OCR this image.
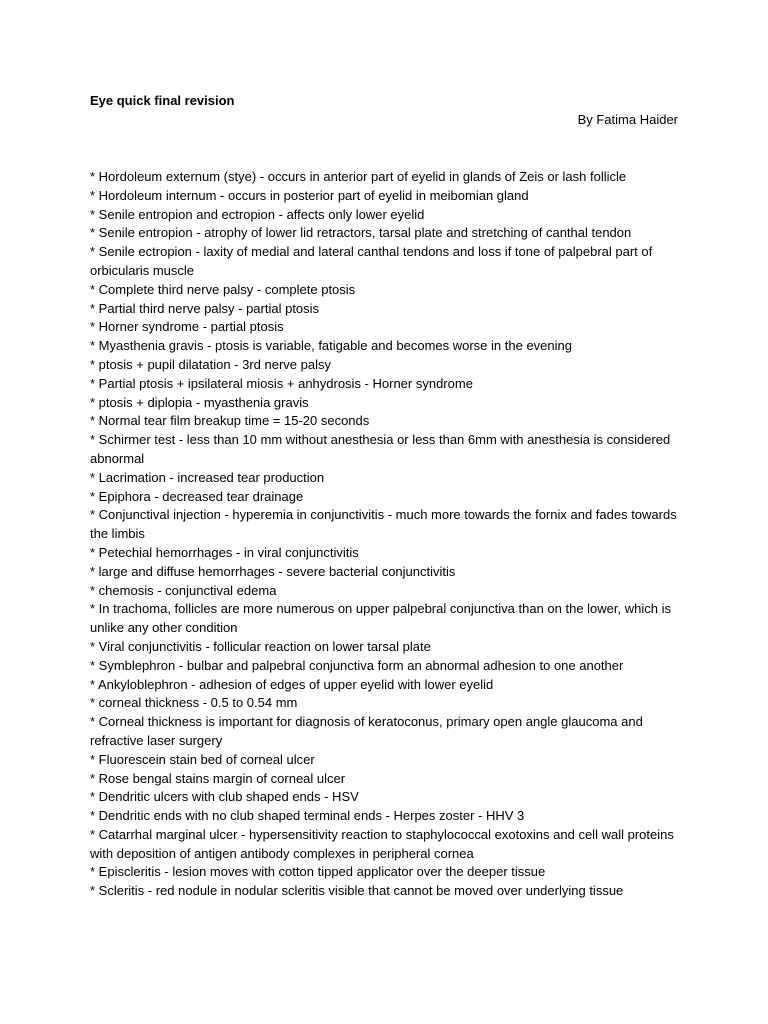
Eye quick final revision
By Fatima Haider
* Hordoleum externum (stye) - occurs in anterior part of eyelid in glands of Zeis or lash follicle
* Hordoleum internum - occurs in posterior part of eyelid in meibomian gland
* Senile entropion and ectropion - affects only lower eyelid
* Senile entropion - atrophy of lower lid retractors, tarsal plate and stretching of canthal tendon
* Senile ectropion - laxity of medial and lateral canthal tendons and loss if tone of palpebral part of orbicularis muscle
* Complete third nerve palsy - complete ptosis
* Partial third nerve palsy - partial ptosis
* Horner syndrome - partial ptosis
* Myasthenia gravis - ptosis is variable, fatigable and becomes worse in the evening
* ptosis + pupil dilatation - 3rd nerve palsy
* Partial ptosis + ipsilateral miosis + anhydrosis - Horner syndrome
* ptosis + diplopia - myasthenia gravis
* Normal tear film breakup time = 15-20 seconds
* Schirmer test - less than 10 mm without anesthesia or less than 6mm with anesthesia is considered abnormal
* Lacrimation - increased tear production
* Epiphora - decreased tear drainage
* Conjunctival injection - hyperemia in conjunctivitis - much more towards the fornix and fades towards the limbis
* Petechial hemorrhages - in viral conjunctivitis
* large and diffuse hemorrhages - severe bacterial conjunctivitis
* chemosis - conjunctival edema
* In trachoma, follicles are more numerous on upper palpebral conjunctiva than on the lower, which is unlike any other condition
* Viral conjunctivitis - follicular reaction on lower tarsal plate
* Symblephron - bulbar and palpebral conjunctiva form an abnormal adhesion to one another
* Ankyloblephron - adhesion of edges of upper eyelid with lower eyelid
* corneal thickness - 0.5 to 0.54 mm
* Corneal thickness is important for diagnosis of keratoconus, primary open angle glaucoma and refractive laser surgery
* Fluorescein stain bed of corneal ulcer
* Rose bengal stains margin of corneal ulcer
* Dendritic ulcers with club shaped ends - HSV
* Dendritic ends with no club shaped terminal ends - Herpes zoster - HHV 3
* Catarrhal marginal ulcer - hypersensitivity reaction to staphylococcal exotoxins and cell wall proteins with deposition of antigen antibody complexes in peripheral cornea
* Episcleritis - lesion moves with cotton tipped applicator over the deeper tissue
* Scleritis - red nodule in nodular scleritis visible that cannot be moved over underlying tissue
